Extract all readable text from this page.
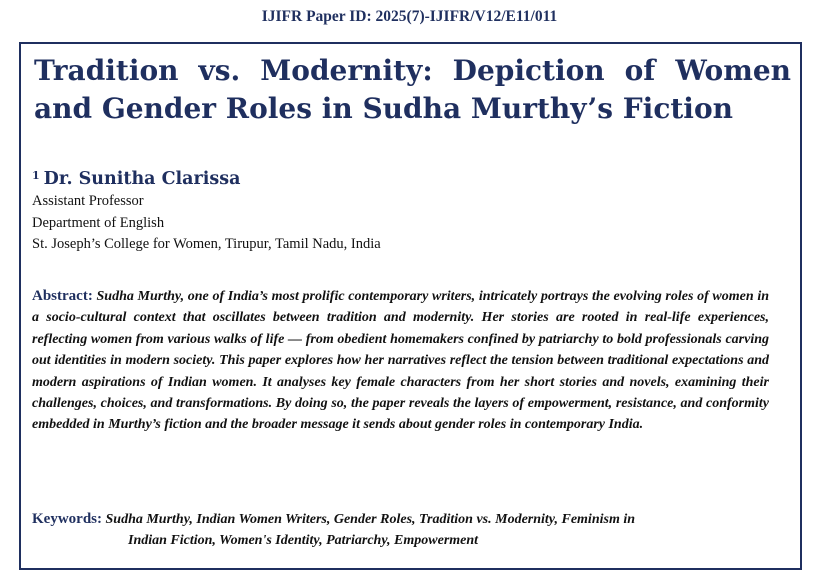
IJIFR Paper ID: 2025(7)-IJIFR/V12/E11/011
Tradition vs. Modernity: Depiction of Women and Gender Roles in Sudha Murthy’s Fiction
$^1$ Dr. Sunitha Clarissa
Assistant Professor
Department of English
St. Joseph’s College for Women, Tirupur, Tamil Nadu, India
Abstract: Sudha Murthy, one of India’s most prolific contemporary writers, intricately portrays the evolving roles of women in a socio-cultural context that oscillates between tradition and modernity. Her stories are rooted in real-life experiences, reflecting women from various walks of life — from obedient homemakers confined by patriarchy to bold professionals carving out identities in modern society. This paper explores how her narratives reflect the tension between traditional expectations and modern aspirations of Indian women. It analyses key female characters from her short stories and novels, examining their challenges, choices, and transformations. By doing so, the paper reveals the layers of empowerment, resistance, and conformity embedded in Murthy’s fiction and the broader message it sends about gender roles in contemporary India.
Keywords: Sudha Murthy, Indian Women Writers, Gender Roles, Tradition vs. Modernity, Feminism in
Indian Fiction, Women's Identity, Patriarchy, Empowerment
